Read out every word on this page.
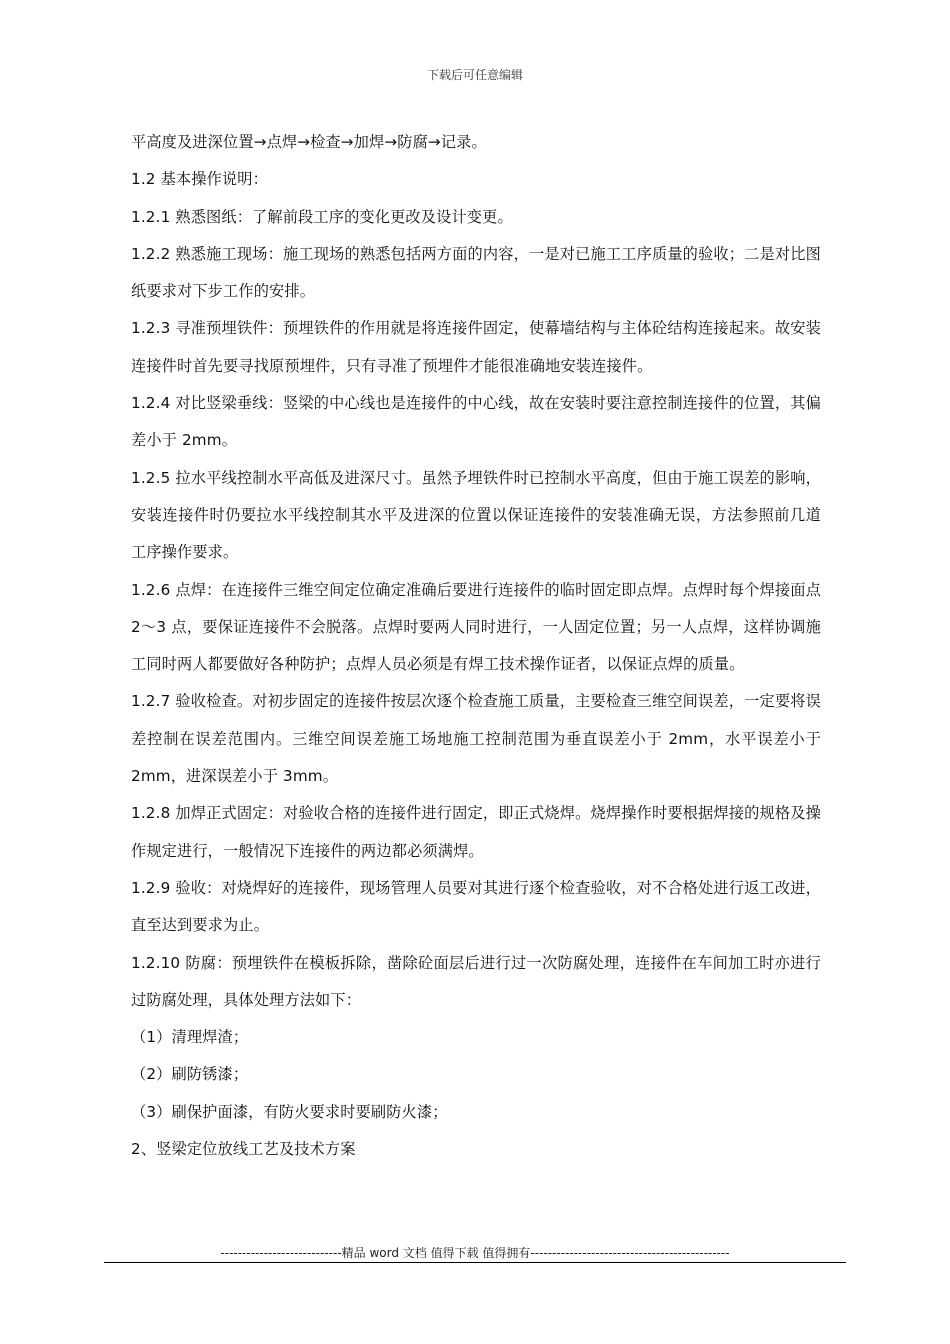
下载后可任意编辑

平高度及进深位置→点焊→检查→加焊→防腐→记录。

1.2 基本操作说明：

1.2.1 熟悉图纸：了解前段工序的变化更改及设计变更。

1.2.2 熟悉施工现场：施工现场的熟悉包括两方面的内容，一是对已施工工序质量的验收；二是对比图纸要求对下步工作的安排。

1.2.3 寻准预埋铁件：预埋铁件的作用就是将连接件固定，使幕墙结构与主体砼结构连接起来。故安装连接件时首先要寻找原预埋件，只有寻准了预埋件才能很准确地安装连接件。

1.2.4 对比竖梁垂线：竖梁的中心线也是连接件的中心线，故在安装时要注意控制连接件的位置，其偏差小于 2mm。

1.2.5 拉水平线控制水平高低及进深尺寸。虽然予埋铁件时已控制水平高度，但由于施工误差的影响，安装连接件时仍要拉水平线控制其水平及进深的位置以保证连接件的安装准确无误，方法参照前几道工序操作要求。

1.2.6 点焊：在连接件三维空间定位确定准确后要进行连接件的临时固定即点焊。点焊时每个焊接面点 2～3 点，要保证连接件不会脱落。点焊时要两人同时进行，一人固定位置；另一人点焊，这样协调施工同时两人都要做好各种防护；点焊人员必须是有焊工技术操作证者，以保证点焊的质量。

1.2.7 验收检查。对初步固定的连接件按层次逐个检查施工质量，主要检查三维空间误差，一定要将误差控制在误差范围内。三维空间误差施工场地施工控制范围为垂直误差小于 2mm，水平误差小于 2mm，进深误差小于 3mm。

1.2.8 加焊正式固定：对验收合格的连接件进行固定，即正式烧焊。烧焊操作时要根据焊接的规格及操作规定进行，一般情况下连接件的两边都必须满焊。

1.2.9 验收：对烧焊好的连接件，现场管理人员要对其进行逐个检查验收，对不合格处进行返工改进，直至达到要求为止。

1.2.10 防腐：预埋铁件在模板拆除，凿除砼面层后进行过一次防腐处理，连接件在车间加工时亦进行过防腐处理，具体处理方法如下：

（1）清理焊渣；

（2）刷防锈漆；

（3）刷保护面漆，有防火要求时要刷防火漆；

2、竖梁定位放线工艺及技术方案

----------------------------精品 word 文档 值得下载 值得拥有----------------------------------------------
